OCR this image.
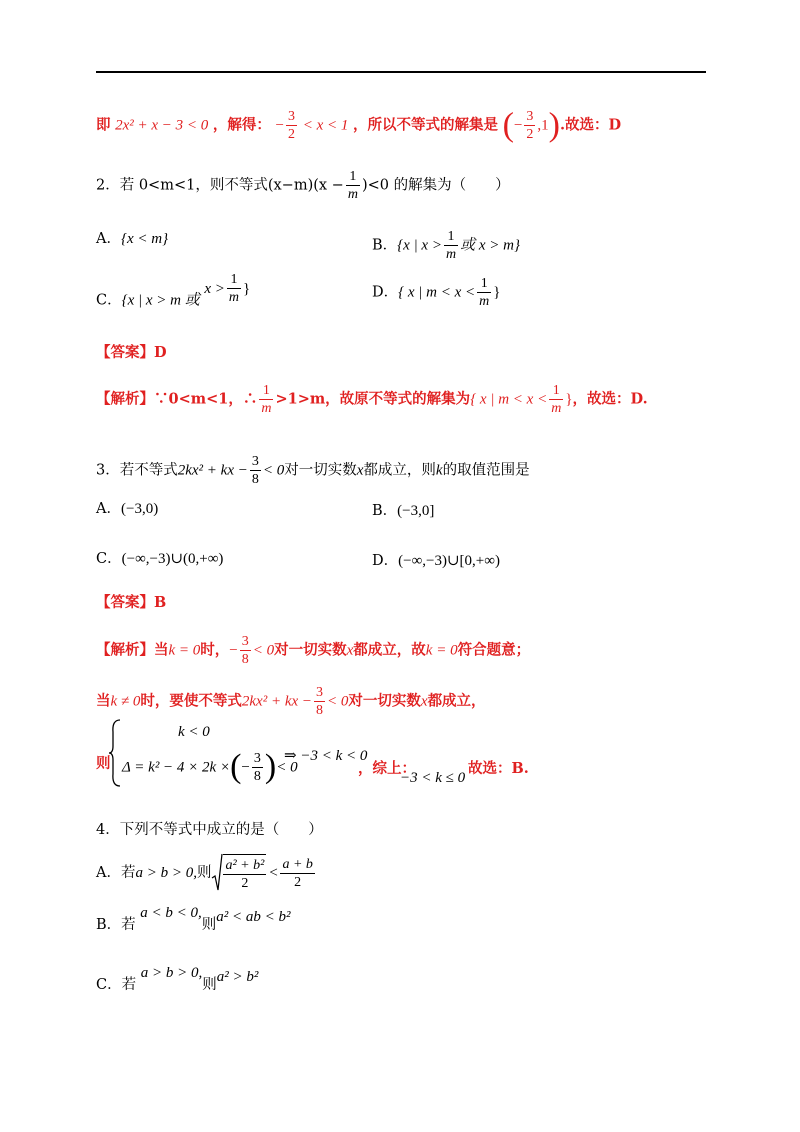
即 2x² + x − 3 < 0 ，解得： − $\frac{3}{2} < x < 1$ ，所以不等式的解集是 (− $\frac{3}{2} ,1$).故选：D
2．若 0<m<1，则不等式$(x-m)(x - \frac{1}{m} )<0$ 的解集为（　　）
A．{x < m}	B．{x | $x > \frac{1}{m}$ 或 x > m}
C．{x | x > m 或 $x > \frac{1}{m}$ }	D．{ x | $m < x < \frac{1}{m}$ }
【答案】D
【解析】∵0<m<1，∴ $\frac{1}{m} >1>m$，故原不等式的解集为{ x | $m < x < \frac{1}{m}$ }，故选：D.
3．若不等式2kx² + kx − $\frac{3}{8} < 0$对一切实数x都成立，则k的取值范围是
A．(−3,0)	B．(−3,0]
C．(−∞,−3)∪(0,+∞)	D．(−∞,−3)∪[0,+∞)
【答案】B
【解析】当k = 0时，− $\frac{3}{8} < 0$对一切实数x都成立，故k = 0符合题意；
当k ≠ 0时，要使不等式2kx² + kx − $\frac{3}{8} < 0$对一切实数x都成立，
则
k < 0
Δ = k² − 4 × 2k ×(− $\frac{3}{8}$ )< 0
⇒ −3 < k < 0
，综上：
−3 < k ≤ 0
故选：B.
4．下列不等式中成立的是（　　）
A．若a > b > 0,则 $\frac{\text{a² + b²}}{2} < \frac{a + b}{2}$
B．若 a < b < 0,则a² < ab < b²
C．若 a > b > 0,则a² > b²
